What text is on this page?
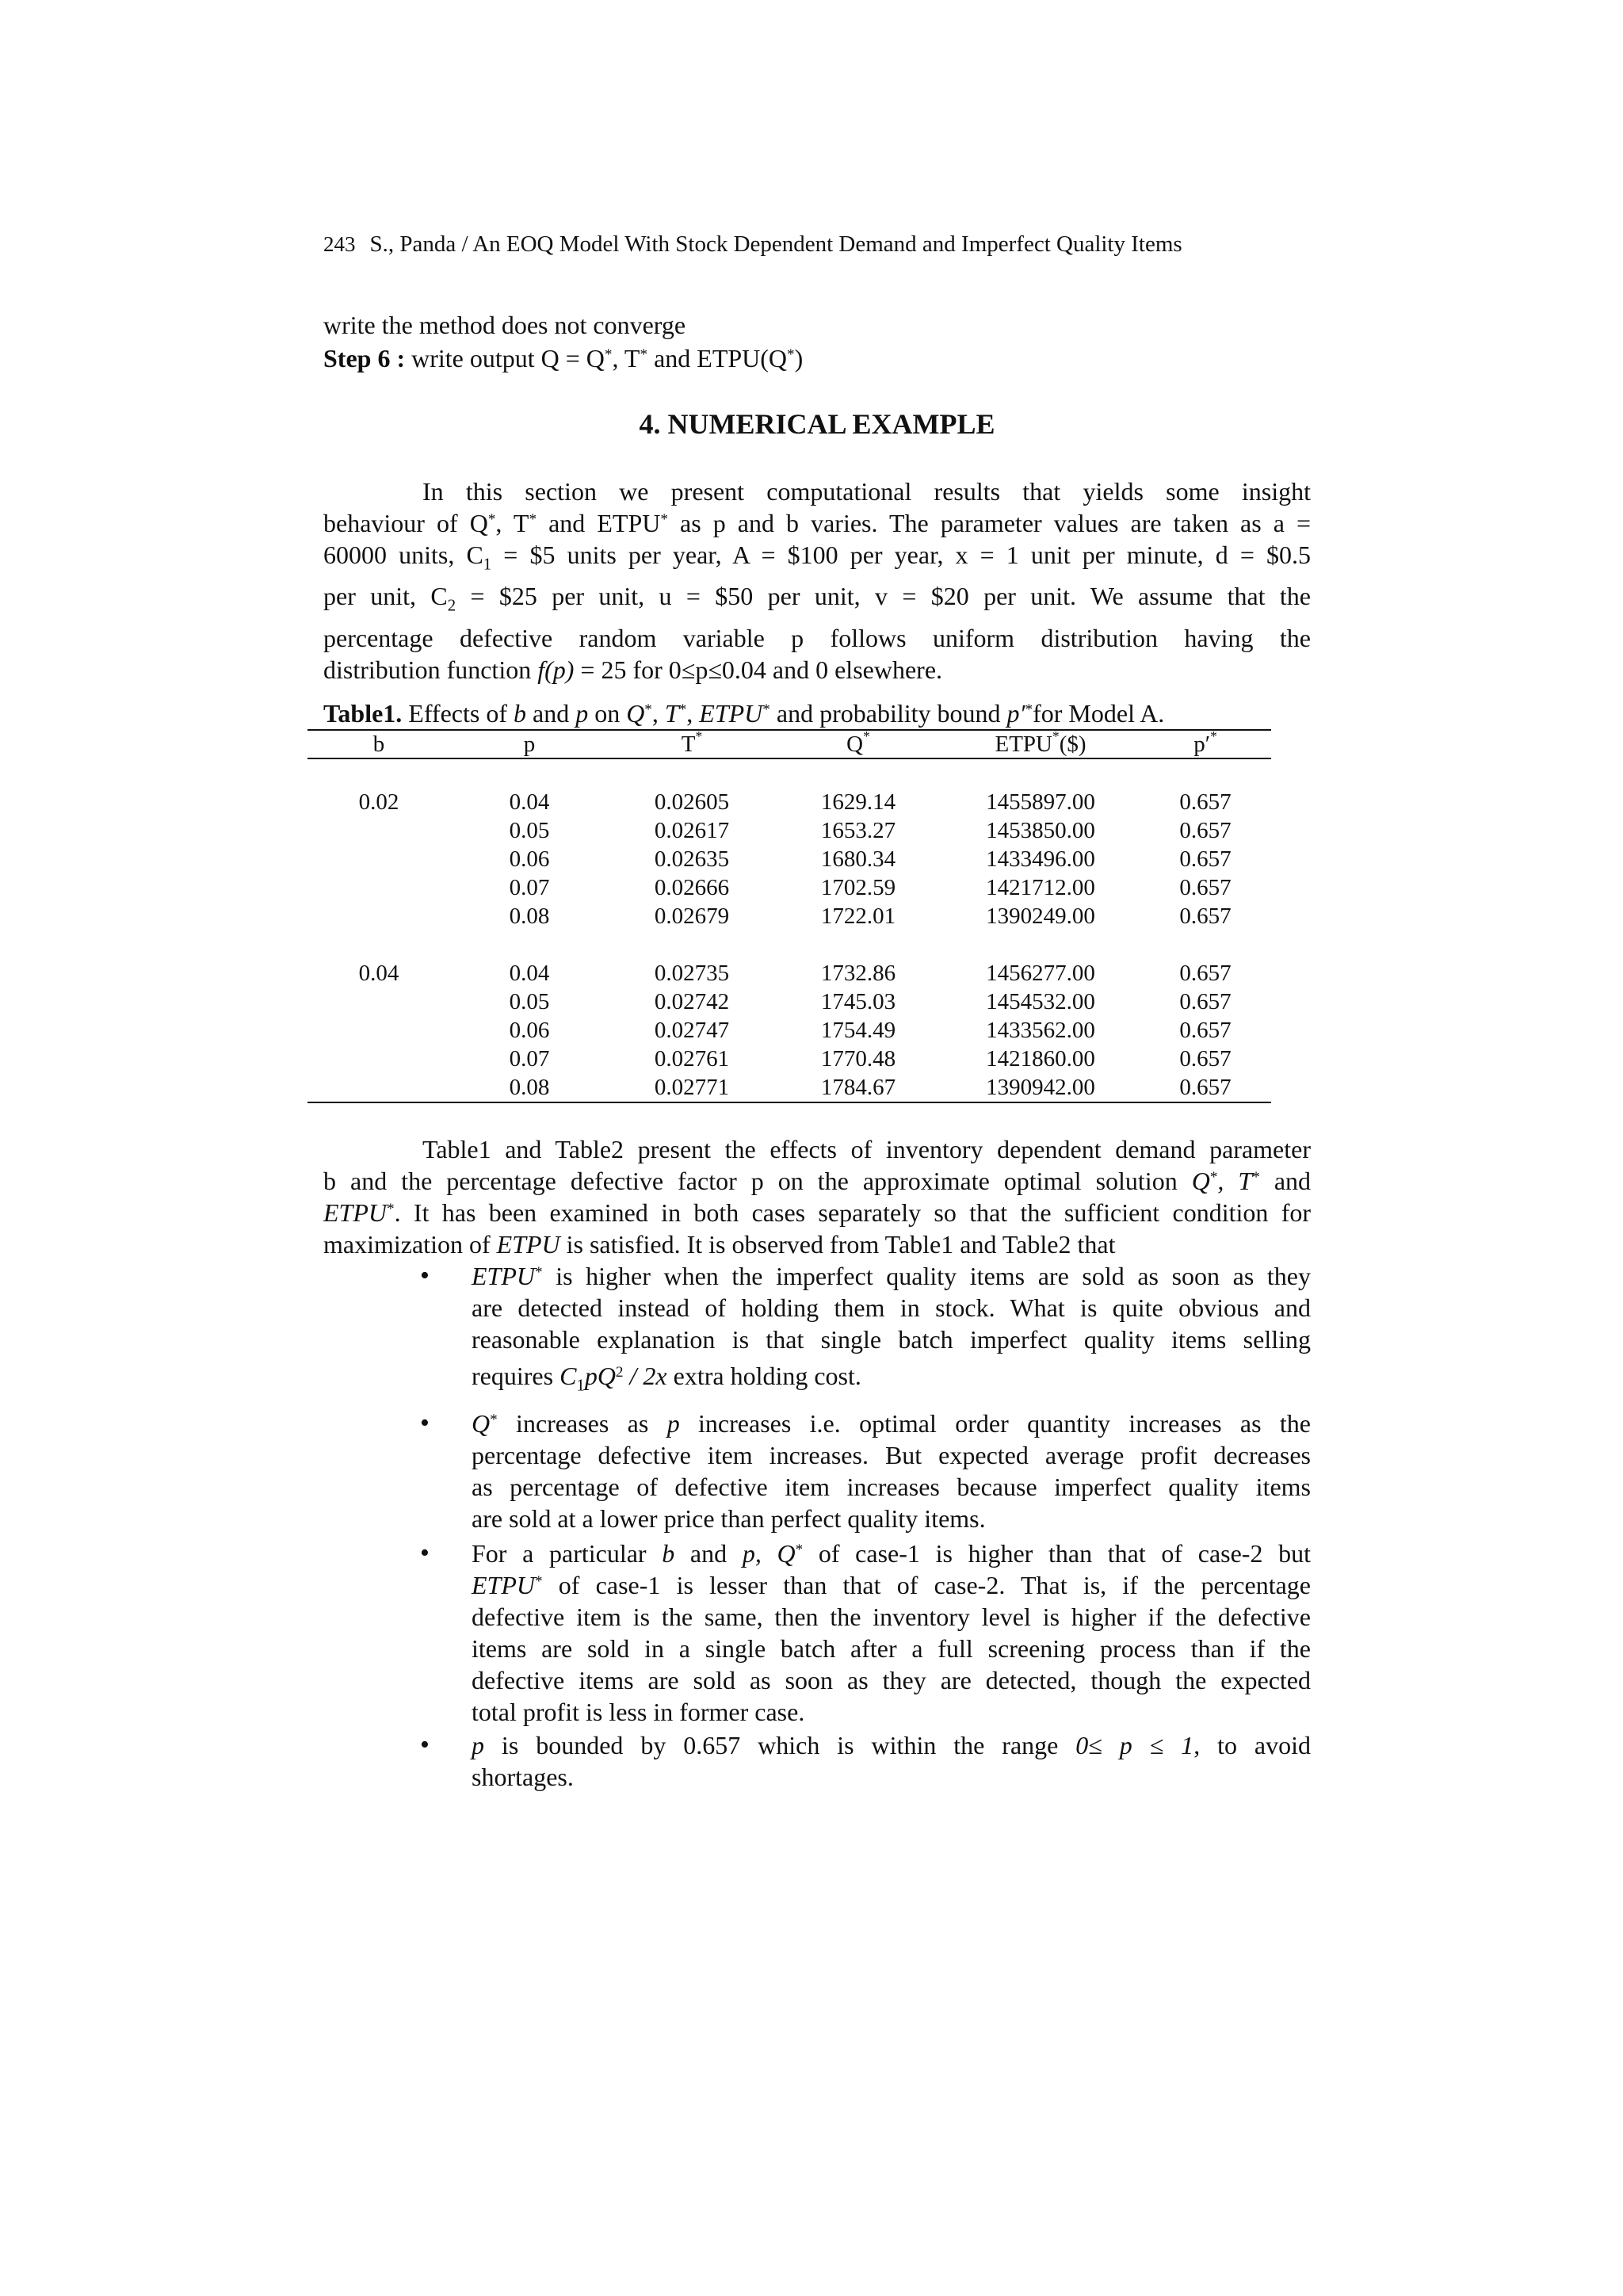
243 S., Panda / An EOQ Model With Stock Dependent Demand and Imperfect Quality Items
write the method does not converge
Step 6 : write output Q = Q*, T* and ETPU(Q*)
4. NUMERICAL EXAMPLE
In this section we present computational results that yields some insight
behaviour of Q*, T* and ETPU* as p and b varies. The parameter values are taken as a =
60000 units, $C_1$ = $5 units per year, A = $100 per year, x = 1 unit per minute, d = $0.5
per unit, $C_2$ = $25 per unit, u = $50 per unit, v = $20 per unit. We assume that the
percentage defective random variable p follows uniform distribution having the
distribution function f(p) = 25 for 0≤p≤0.04 and 0 elsewhere.
Table1. Effects of b and p on Q*, T*, ETPU* and probability bound p′*for Model A.
b	p	T*	Q*	ETPU*($)	p′*

0.02	0.04	0.02605	1629.14	1455897.00	0.657
	0.05	0.02617	1653.27	1453850.00	0.657
	0.06	0.02635	1680.34	1433496.00	0.657
	0.07	0.02666	1702.59	1421712.00	0.657
	0.08	0.02679	1722.01	1390249.00	0.657

0.04	0.04	0.02735	1732.86	1456277.00	0.657
	0.05	0.02742	1745.03	1454532.00	0.657
	0.06	0.02747	1754.49	1433562.00	0.657
	0.07	0.02761	1770.48	1421860.00	0.657
	0.08	0.02771	1784.67	1390942.00	0.657
Table1 and Table2 present the effects of inventory dependent demand parameter
b and the percentage defective factor p on the approximate optimal solution Q*, T* and
ETPU*. It has been examined in both cases separately so that the sufficient condition for
maximization of ETPU is satisfied. It is observed from Table1 and Table2 that
• ETPU* is higher when the imperfect quality items are sold as soon as they
are detected instead of holding them in stock. What is quite obvious and
reasonable explanation is that single batch imperfect quality items selling
requires $C_1pQ^2 / 2x$ extra holding cost.
• Q* increases as p increases i.e. optimal order quantity increases as the
percentage defective item increases. But expected average profit decreases
as percentage of defective item increases because imperfect quality items
are sold at a lower price than perfect quality items.
• For a particular b and p, Q* of case-1 is higher than that of case-2 but
ETPU* of case-1 is lesser than that of case-2. That is, if the percentage
defective item is the same, then the inventory level is higher if the defective
items are sold in a single batch after a full screening process than if the
defective items are sold as soon as they are detected, though the expected
total profit is less in former case.
• p is bounded by 0.657 which is within the range 0≤ p ≤ 1, to avoid
shortages.
